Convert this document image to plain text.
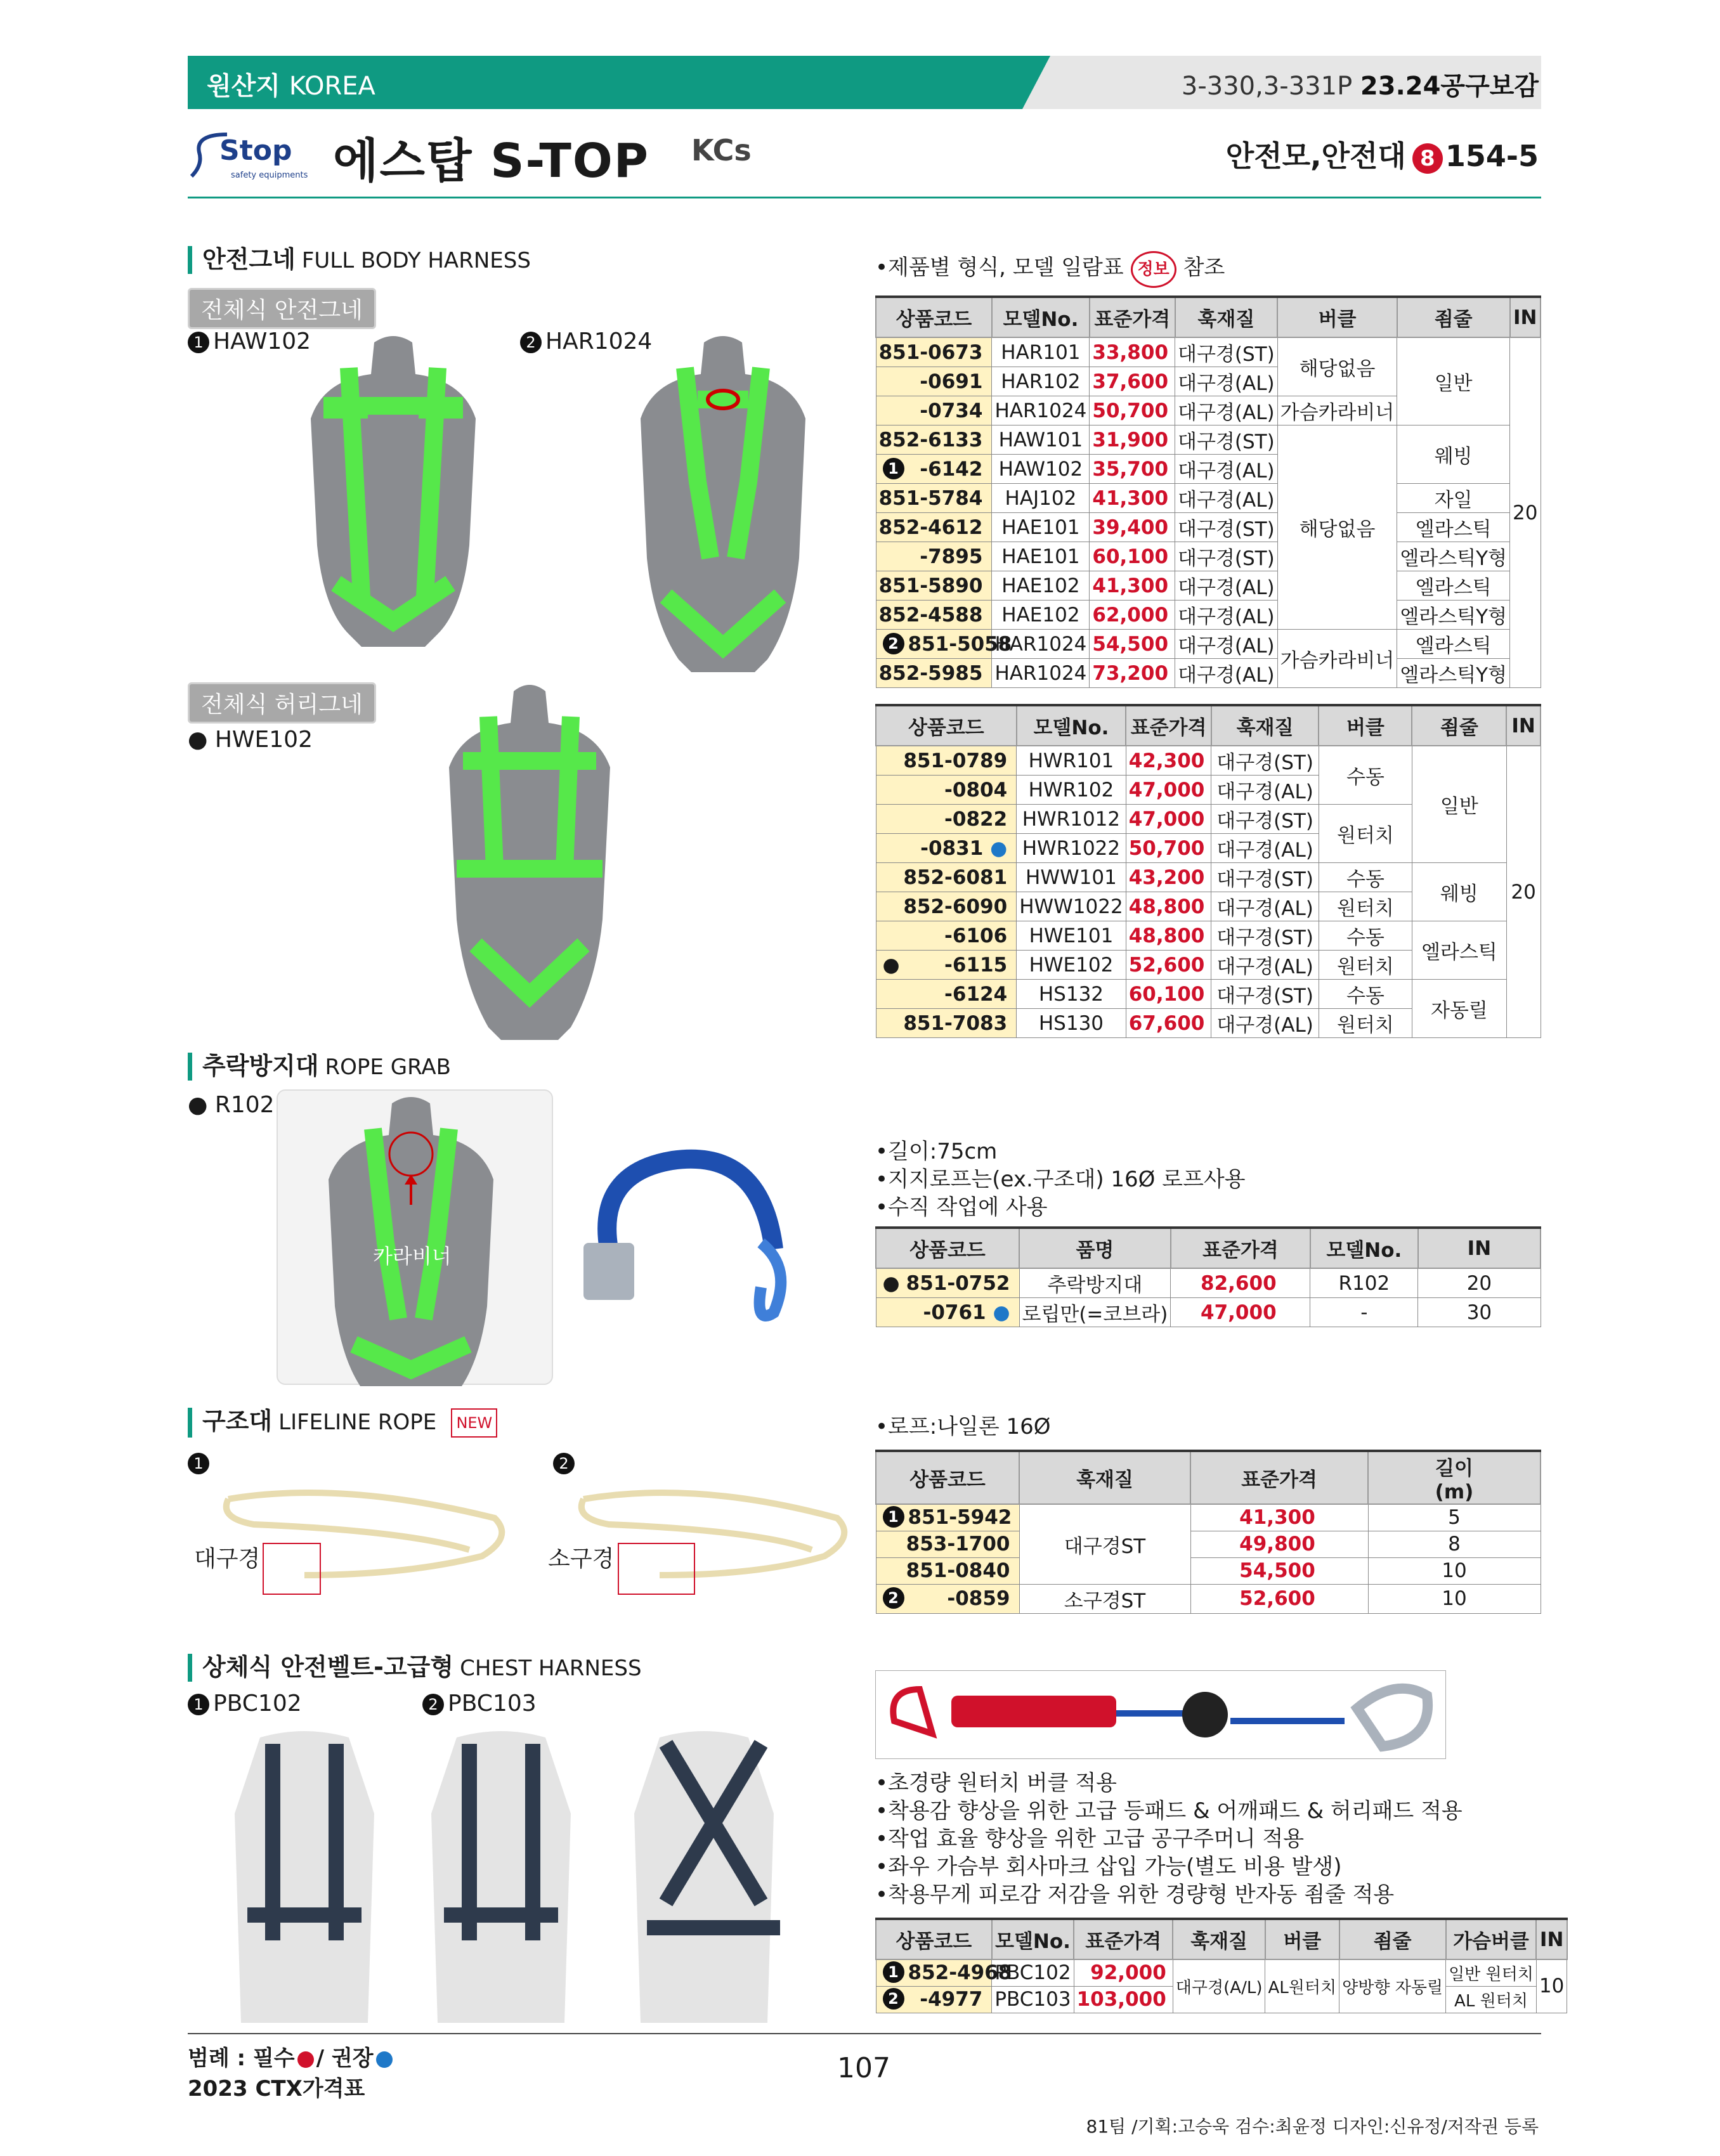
원산지 KOREA	3-330,3-331P 23.24공구보감
Stop
safety equipments 에스탑 S-TOP KCs	안전모,안전대 8 154-5
안전그네 FULL BODY HARNESS
전체식 안전그네
1 HAW102	2 HAR1024
•제품별 형식, 모델 일람표 정보 참조
상품코드	모델No.	표준가격	훅재질	버클	죔줄	IN
851-0673	HAR101	33,800	대구경(ST)	해당없음	일반	20
-0691	HAR102	37,600	대구경(AL)			
-0734	HAR1024	50,700	대구경(AL)	가슴카라비너		
852-6133	HAW101	31,900	대구경(ST)	해당없음	웨빙	

1 -6142	HAW102	35,700	대구경(AL)			
851-5784	HAJ102	41,300	대구경(AL)		자일	
852-4612	HAE101	39,400	대구경(ST)		엘라스틱	
-7895	HAE101	60,100	대구경(ST)		엘라스틱Y형	
851-5890	HAE102	41,300	대구경(AL)		엘라스틱	
852-4588	HAE102	62,000	대구경(AL)		엘라스틱Y형	

2 851-5058	HAR1024	54,500	대구경(AL)	가슴카라비너	엘라스틱	
852-5985	HAR1024	73,200	대구경(AL)		엘라스틱Y형	
전체식 허리그네
● HWE102	상품코드	모델No.	표준가격	훅재질	버클	죔줄	IN
851-0789	HWR101	42,300	대구경(ST)	수동	일반	20
-0804	HWR102	47,000	대구경(AL)			
-0822	HWR1012	47,000	대구경(ST)	원터치		
-0831 ●	HWR1022	50,700	대구경(AL)			
852-6081	HWW101	43,200	대구경(ST)	수동	웨빙	
852-6090	HWW1022	48,800	대구경(AL)	원터치		
-6106	HWE101	48,800	대구경(ST)	수동	엘라스틱	

● -6115	HWE102	52,600	대구경(AL)	원터치		
-6124	HS132	60,100	대구경(ST)	수동	자동릴	
851-7083	HS130	67,600	대구경(AL)	원터치		
추락방지대 ROPE GRAB
● R102
카라비너
•길이:75cm
•지지로프는(ex.구조대) 16Ø 로프사용
•수직 작업에 사용
상품코드	품명	표준가격	모델No.	IN

● 851-0752	추락방지대	82,600	R102	20
-0761 ●	로립만(=코브라)	47,000	-	30
구조대 LIFELINE ROPE NEW
1	2
대구경	소구경
•로프:나일론 16Ø
상품코드	훅재질	표준가격	길이
(m)

1 851-5942	대구경ST	41,300	5
853-1700		49,800	8
851-0840		54,500	10

2 -0859	소구경ST	52,600	10
상체식 안전벨트-고급형 CHEST HARNESS
1 PBC102	2 PBC103
•초경량 원터치 버클 적용
•착용감 향상을 위한 고급 등패드 & 어깨패드 & 허리패드 적용
•작업 효율 향상을 위한 고급 공구주머니 적용
•좌우 가슴부 회사마크 삽입 가능(별도 비용 발생)
•착용무게 피로감 저감을 위한 경량형 반자동 죔줄 적용
상품코드	모델No.	표준가격	훅재질	버클	죔줄	가슴버클	IN

1 852-4968	PBC102	92,000	대구경(A/L)	AL원터치	양방향 자동릴	일반 원터치	10

2 -4977	PBC103	103,000				AL 원터치	
범례 : 필수 / 권장
2023 CTX가격표
107
81팀 /기획:고승욱 검수:최윤정 디자인:신유정/저작권 등록
